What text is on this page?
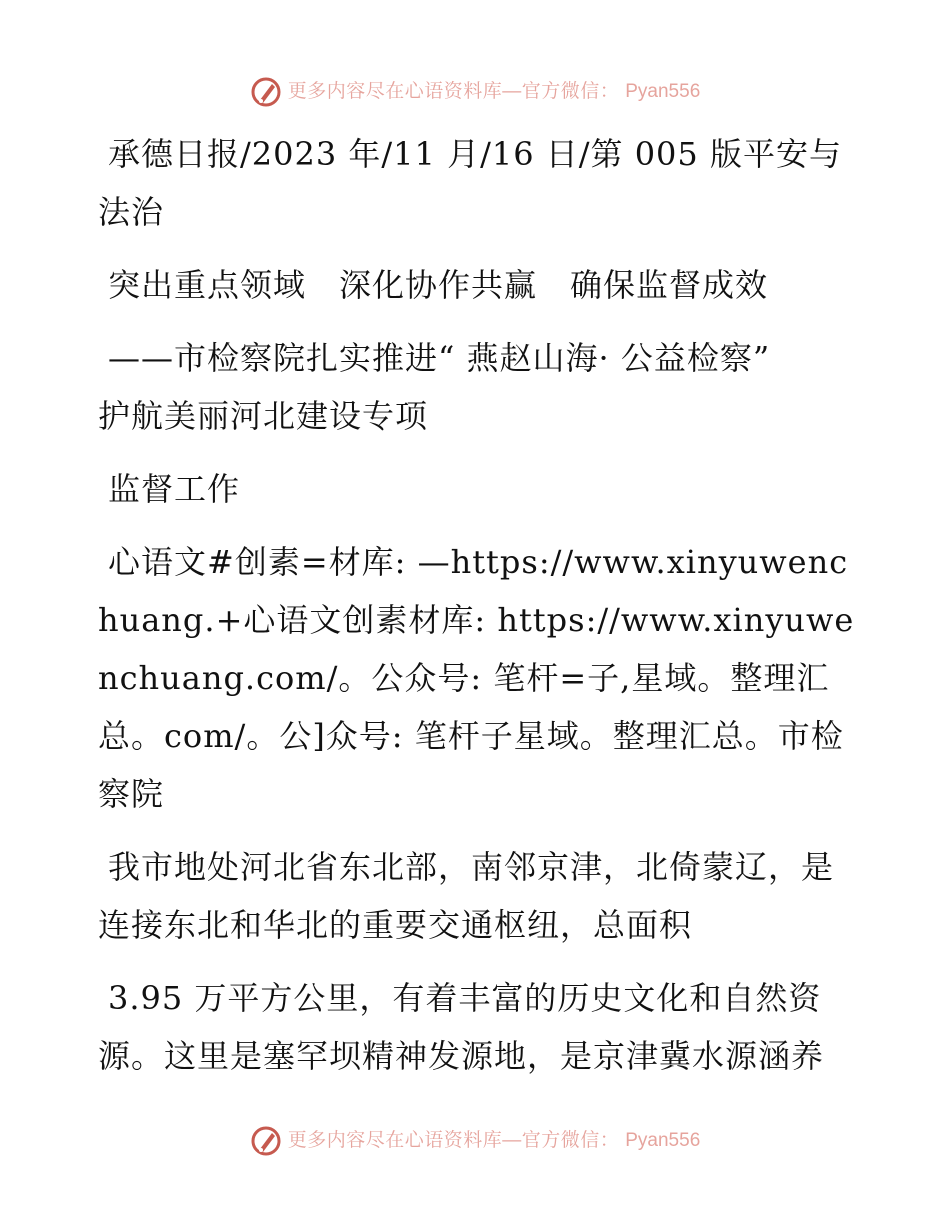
更多内容尽在心语资料库—官方微信： Pyan556

承德日报/2023 年/11 月/16 日/第 005 版平安与法治

突出重点领域　深化协作共赢　确保监督成效

——市检察院扎实推进“ 燕赵山海· 公益检察”　　护航美丽河北建设专项

监督工作

心语文#创素=材库: —https://www.xinyuwenchuang.+心语文创素材库: https://www.xinyuwenchuang.com/。公众号: 笔杆=子,星域。整理汇总。com/。公]众号: 笔杆子星域。整理汇总。市检察院

我市地处河北省东北部，南邻京津，北倚蒙辽，是连接东北和华北的重要交通枢纽，总面积

3.95 万平方公里，有着丰富的历史文化和自然资源。这里是塞罕坝精神发源地，是京津冀水源涵养

更多内容尽在心语资料库—官方微信： Pyan556
